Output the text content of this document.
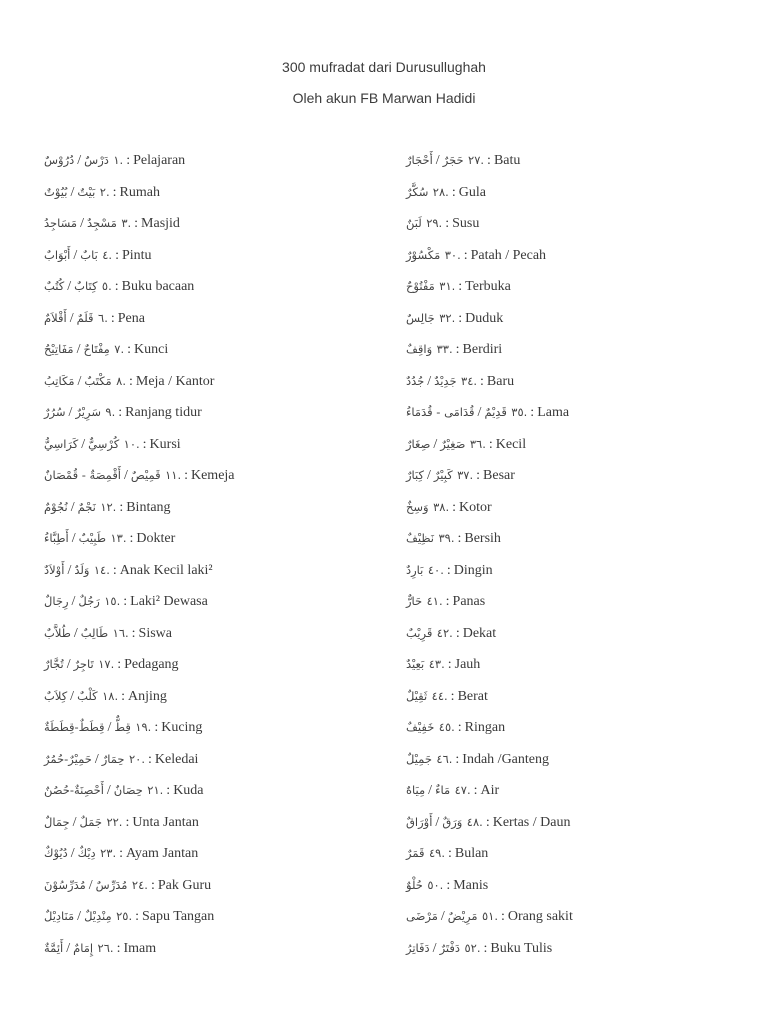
300 mufradat dari Durusullughah
Oleh akun FB Marwan Hadidi
دُرُوْسٌ / دَرْسٌ .١ : Pelajaran
بُيُوْتٌ / بَيْتٌ .٢ : Rumah
مَسَاجِدُ / مَسْجِدٌ .٣ : Masjid
أَبْوَابٌ / بَابٌ .٤ : Pintu
كُتُبٌ / كِتَابٌ .٥ : Buku bacaan
أَقْلاَمٌ / قَلَمٌ .٦ : Pena
مَفَاتِيْحُ / مِفْتَاحٌ .٧ : Kunci
مَكَاتِبُ / مَكْتَبٌ .٨ : Meja / Kantor
سُرُرٌ / سَرِيْرٌ .٩ : Ranjang tidur
كَرَاسِيُّ / كُرْسِيٌّ .١٠ : Kursi
أَقْمِصَةٌ - قُمْصَانٌ / قَمِيْصٌ .١١ : Kemeja
نُجُوْمٌ / نَجْمٌ .١٢ : Bintang
أَطِبَّاءُ / طَبِيْبٌ .١٣ : Dokter
أَوْلاَدٌ / وَلَدٌ .١٤ : Anak Kecil laki²
رِجَالٌ / رَجُلٌ .١٥ : Laki² Dewasa
طُلاَّبٌ / طَالِبٌ .١٦ : Siswa
تُجَّارٌ / تَاجِرٌ .١٧ : Pedagang
كِلاَبٌ / كَلْبٌ .١٨ : Anjing
قِطَطٌ-قِطَطَةٌ / قِطٌّ .١٩ : Kucing
حَمِيْرٌ-حُمُرٌ / حِمَارٌ .٢٠ : Keledai
أَحْصِنَةٌ-حُصُنٌ / حِصَانٌ .٢١ : Kuda
جِمَالٌ / جَمَلٌ .٢٢ : Unta Jantan
دُيُوْكٌ / دِيْكٌ .٢٣ : Ayam Jantan
مُدَرِّسُوْنَ / مُدَرِّسٌ .٢٤ : Pak Guru
مَنَادِيْلٌ / مِنْدِيْلٌ .٢٥ : Sapu Tangan
أَئِمَّةٌ / إِمَامٌ .٢٦ : Imam
أَحْجَارٌ / حَجَرٌ .٢٧ : Batu
سُكَّرٌ .٢٨ : Gula
لَبَنٌ .٢٩ : Susu
مَكْسُوْرٌ .٣٠ : Patah / Pecah
مَفْتُوْحٌ .٣١ : Terbuka
جَالِسٌ .٣٢ : Duduk
وَاقِفٌ .٣٣ : Berdiri
جُدُدٌ / جَدِيْدٌ .٣٤ : Baru
قُدَامَى - قُدَمَاءُ / قَدِيْمٌ .٣٥ : Lama
صِغَارٌ / صَغِيْرٌ .٣٦ : Kecil
كِبَارٌ / كَبِيْرٌ .٣٧ : Besar
وَسِخٌ .٣٨ : Kotor
نَظِيْفٌ .٣٩ : Bersih
بَارِدٌ .٤٠ : Dingin
حَارٌّ .٤١ : Panas
قَرِيْبٌ .٤٢ : Dekat
بَعِيْدٌ .٤٣ : Jauh
ثَقِيْلٌ .٤٤ : Berat
خَفِيْفٌ .٤٥ : Ringan
جَمِيْلٌ .٤٦ : Indah /Ganteng
مِيَاهٌ / مَاءٌ .٤٧ : Air
أَوْرَاقٌ / وَرَقٌ .٤٨ : Kertas / Daun
قَمَرٌ .٤٩ : Bulan
حُلْوٌ .٥٠ : Manis
مَرْضَى / مَرِيْضٌ .٥١ : Orang sakit
دَفَاتِرُ / دَفْتَرٌ .٥٢ : Buku Tulis
